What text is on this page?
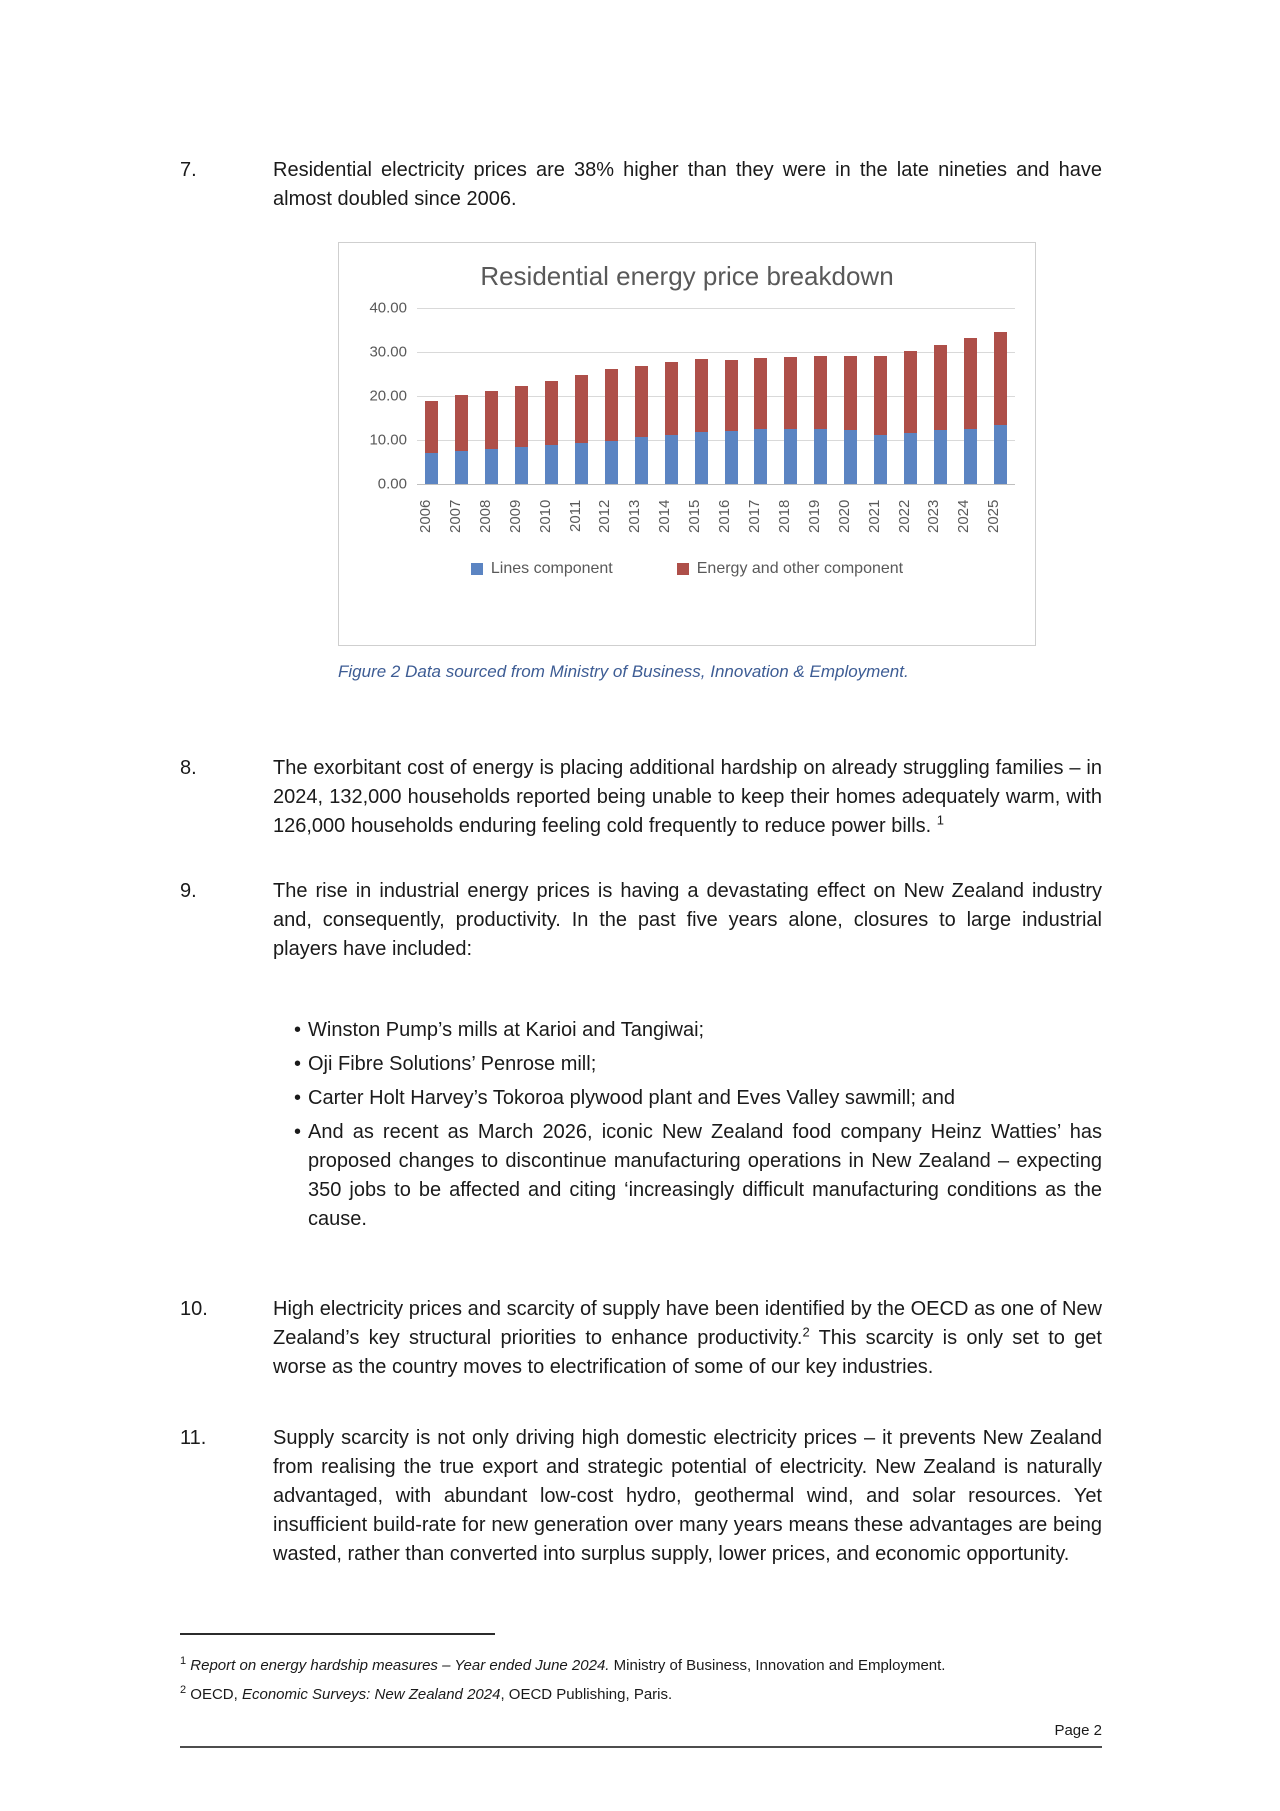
7.	Residential electricity prices are 38% higher than they were in the late nineties and have almost doubled since 2006.
Residential energy price breakdown
40.00
30.00
20.00
10.00
0.00
2006 2007 2008 2009 2010 2011 2012 2013 2014 2015 2016 2017 2018 2019 2020 2021 2022 2023 2024 2025
Lines component	Energy and other component
Figure 2 Data sourced from Ministry of Business, Innovation & Employment.
8.	The exorbitant cost of energy is placing additional hardship on already struggling families – in 2024, 132,000 households reported being unable to keep their homes adequately warm, with 126,000 households enduring feeling cold frequently to reduce power bills. $^1$
9.	The rise in industrial energy prices is having a devastating effect on New Zealand industry and, consequently, productivity. In the past five years alone, closures to large industrial players have included:
• Winston Pump’s mills at Karioi and Tangiwai;
• Oji Fibre Solutions’ Penrose mill;
• Carter Holt Harvey’s Tokoroa plywood plant and Eves Valley sawmill; and
• And as recent as March 2026, iconic New Zealand food company Heinz Watties’ has proposed changes to discontinue manufacturing operations in New Zealand – expecting 350 jobs to be affected and citing ‘increasingly difficult manufacturing conditions as the cause.
10.	High electricity prices and scarcity of supply have been identified by the OECD as one of New Zealand’s key structural priorities to enhance productivity.$^2$ This scarcity is only set to get worse as the country moves to electrification of some of our key industries.
11.	Supply scarcity is not only driving high domestic electricity prices – it prevents New Zealand from realising the true export and strategic potential of electricity. New Zealand is naturally advantaged, with abundant low-cost hydro, geothermal wind, and solar resources. Yet insufficient build-rate for new generation over many years means these advantages are being wasted, rather than converted into surplus supply, lower prices, and economic opportunity.
$^1$ Report on energy hardship measures – Year ended June 2024. Ministry of Business, Innovation and Employment.
$^2$ OECD, Economic Surveys: New Zealand 2024, OECD Publishing, Paris.
Page 2
